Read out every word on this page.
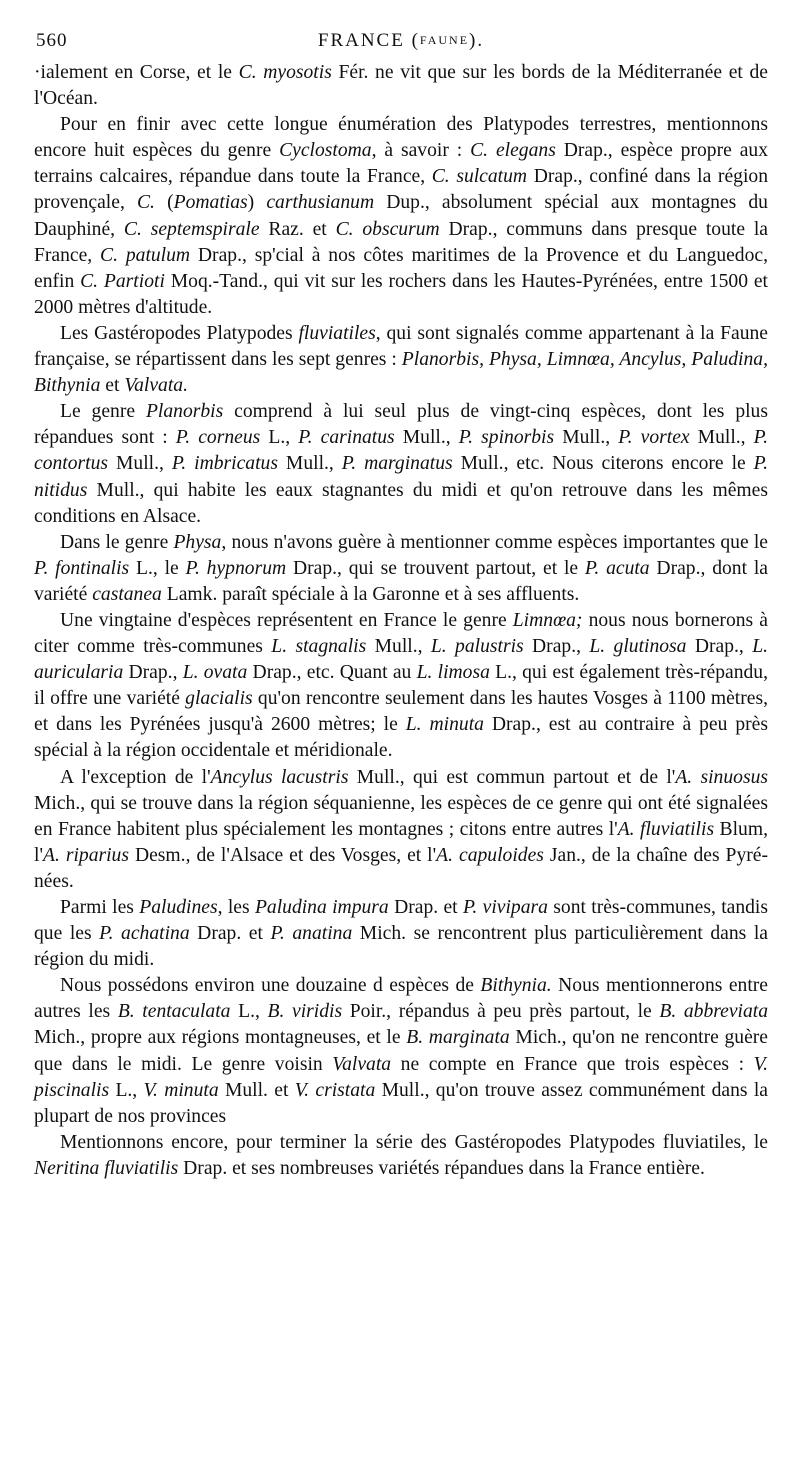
560	FRANCE (FAUNE).

·ialement en Corse, et le C. myosotis Fér. ne vit que sur les bords de la Méditerranée et de l'Océan.

Pour en finir avec cette longue énumération des Platypodes terrestres, mentionnons encore huit espèces du genre Cyclostoma, à savoir : C. elegans Drap., espèce propre aux terrains calcaires, répandue dans toute la France, C. sulcatum Drap., confiné dans la région provençale, C. (Pomatias) carthusianum Dup., absolument spécial aux montagnes du Dauphiné, C. septemspirale Raz. et C. obscurum Drap., communs dans presque toute la France, C. patulum Drap., sp'cial à nos côtes maritimes de la Provence et du Languedoc, enfin C. Partioti Moq.-Tand., qui vit sur les rochers dans les Hautes-Pyrénées, entre 1500 et 2000 mètres d'altitude.

Les Gastéropodes Platypodes fluviatiles, qui sont signalés comme appartenant à la Faune française, se répartissent dans les sept genres : Planorbis, Physa, Limnœa, Ancylus, Paludina, Bithynia et Valvata.

Le genre Planorbis comprend à lui seul plus de vingt-cinq espèces, dont les plus répandues sont : P. corneus L., P. carinatus Mull., P. spinorbis Mull., P. vortex Mull., P. contortus Mull., P. imbricatus Mull., P. marginatus Mull., etc. Nous citerons encore le P. nitidus Mull., qui habite les eaux stagnantes du midi et qu'on retrouve dans les mêmes conditions en Alsace.

Dans le genre Physa, nous n'avons guère à mentionner comme espèces importantes que le P. fontinalis L., le P. hypnorum Drap., qui se trouvent partout, et le P. acuta Drap., dont la variété castanea Lamk. paraît spéciale à la Garonne et à ses affluents.

Une vingtaine d'espèces représentent en France le genre Limnœa; nous nous bornerons à citer comme très-communes L. stagnalis Mull., L. palustris Drap., L. glutinosa Drap., L. auricularia Drap., L. ovata Drap., etc. Quant au L. limosa L., qui est également très-répandu, il offre une variété glacialis qu'on rencontre seulement dans les hautes Vosges à 1100 mètres, et dans les Pyrénées jusqu'à 2600 mètres; le L. minuta Drap., est au contraire à peu près spécial à la région occidentale et méridionale.

A l'exception de l'Ancylus lacustris Mull., qui est commun partout et de l'A. sinuosus Mich., qui se trouve dans la région séquanienne, les espèces de ce genre qui ont été signalées en France habitent plus spécialement les montagnes ; citons entre autres l'A. fluviatilis Blum, l'A. riparius Desm., de l'Alsace et des Vosges, et l'A. capuloides Jan., de la chaîne des Pyrénées.

Parmi les Paludines, les Paludina impura Drap. et P. vivipara sont très-communes, tandis que les P. achatina Drap. et P. anatina Mich. se rencontrent plus particulièrement dans la région du midi.

Nous possédons environ une douzaine d espèces de Bithynia. Nous mentionnerons entre autres les B. tentaculata L., B. viridis Poir., répandus à peu près partout, le B. abbreviata Mich., propre aux régions montagneuses, et le B. marginata Mich., qu'on ne rencontre guère que dans le midi. Le genre voisin Valvata ne compte en France que trois espèces : V. piscinalis L., V. minuta Mull. et V. cristata Mull., qu'on trouve assez communément dans la plupart de nos provinces

Mentionnons encore, pour terminer la série des Gastéropodes Platypodes fluviatiles, le Neritina fluviatilis Drap. et ses nombreuses variétés répandues dans la France entière.
